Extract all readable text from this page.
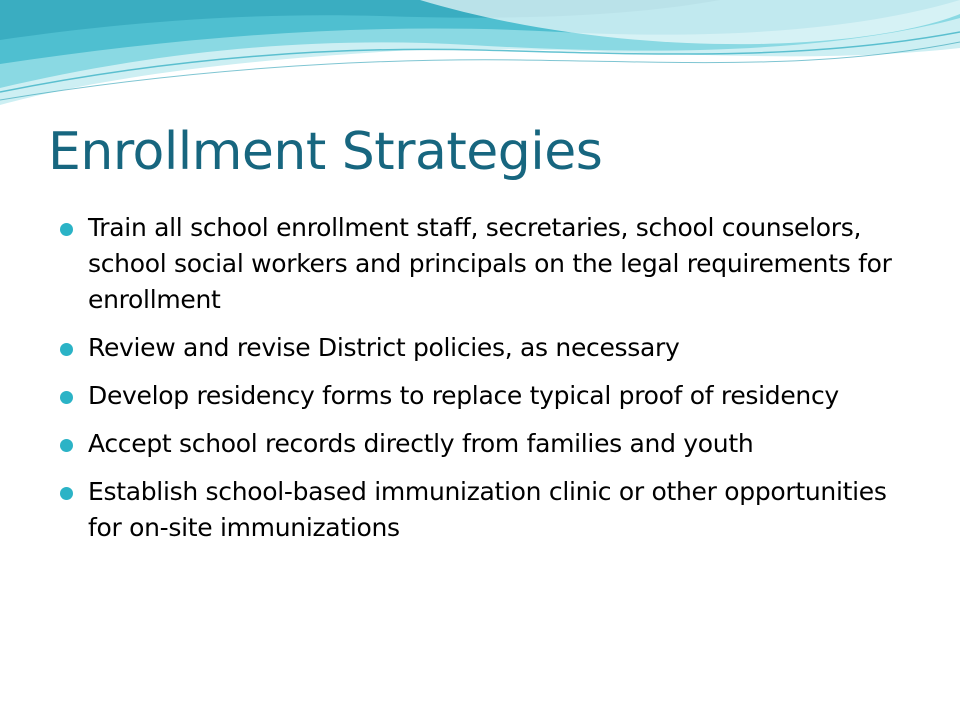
Enrollment Strategies
Train all school enrollment staff, secretaries, school counselors, school social workers and principals on the legal requirements for enrollment
Review and revise District policies, as necessary
Develop residency forms to replace typical proof of residency
Accept school records directly from families and youth
Establish school-based immunization clinic or other opportunities for on-site immunizations
